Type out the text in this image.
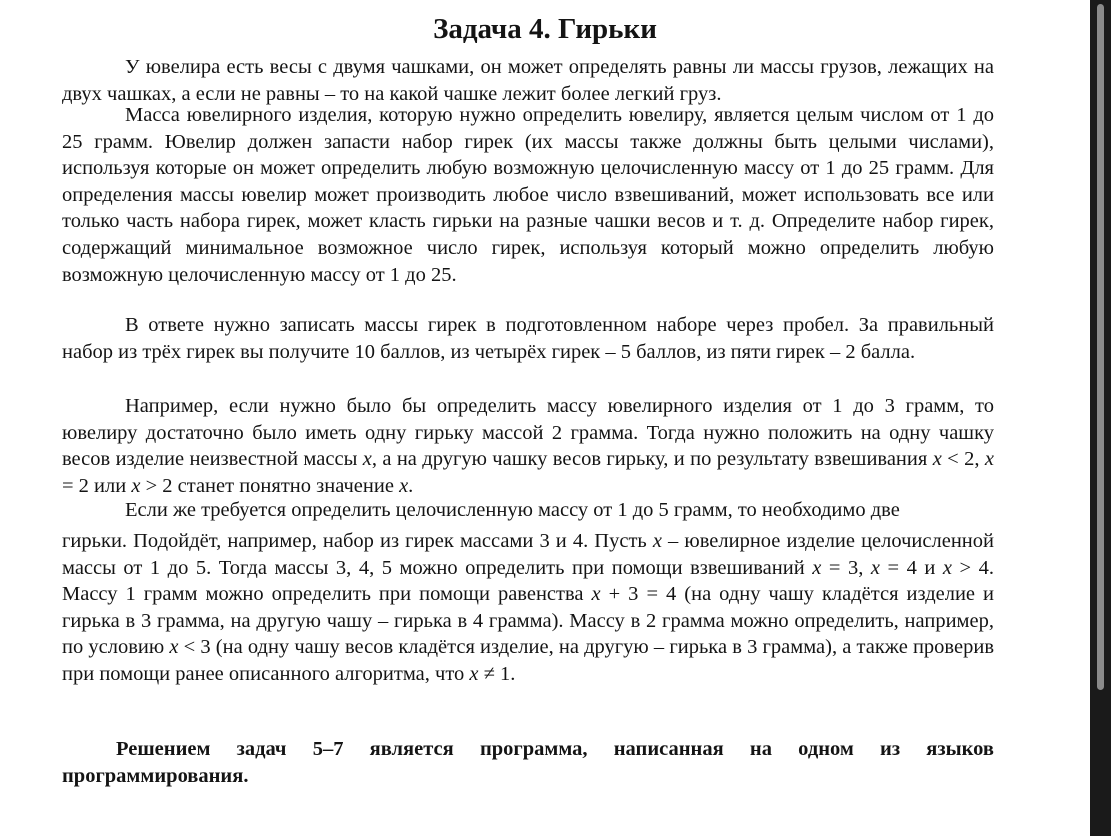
Задача 4. Гирьки

У ювелира есть весы с двумя чашками, он может определять равны ли массы грузов, лежащих на двух чашках, а если не равны – то на какой чашке лежит более легкий груз.

Масса ювелирного изделия, которую нужно определить ювелиру, является целым числом от 1 до 25 грамм. Ювелир должен запасти набор гирек (их массы также должны быть целыми числами), используя которые он может определить любую возможную целочисленную массу от 1 до 25 грамм. Для определения массы ювелир может производить любое число взвешиваний, может использовать все или только часть набора гирек, может класть гирьки на разные чашки весов и т. д. Определите набор гирек, содержащий минимальное возможное число гирек, используя который можно определить любую возможную целочисленную массу от 1 до 25.

В ответе нужно записать массы гирек в подготовленном наборе через пробел. За правильный набор из трёх гирек вы получите 10 баллов, из четырёх гирек – 5 баллов, из пяти гирек – 2 балла.

Например, если нужно было бы определить массу ювелирного изделия от 1 до 3 грамм, то ювелиру достаточно было иметь одну гирьку массой 2 грамма. Тогда нужно положить на одну чашку весов изделие неизвестной массы x, а на другую чашку весов гирьку, и по результату взвешивания x < 2, x = 2 или x > 2 станет понятно значение x.

Если же требуется определить целочисленную массу от 1 до 5 грамм, то необходимо две

гирьки. Подойдёт, например, набор из гирек массами 3 и 4. Пусть x – ювелирное изделие целочисленной массы от 1 до 5. Тогда массы 3, 4, 5 можно определить при помощи взвешиваний x = 3, x = 4 и x > 4. Массу 1 грамм можно определить при помощи равенства x + 3 = 4 (на одну чашу кладётся изделие и гирька в 3 грамма, на другую чашу – гирька в 4 грамма). Массу в 2 грамма можно определить, например, по условию x < 3 (на одну чашу весов кладётся изделие, на другую – гирька в 3 грамма), а также проверив при помощи ранее описанного алгоритма, что x ≠ 1.

Решением задач 5–7 является программа, написанная на одном из языков программирования.
